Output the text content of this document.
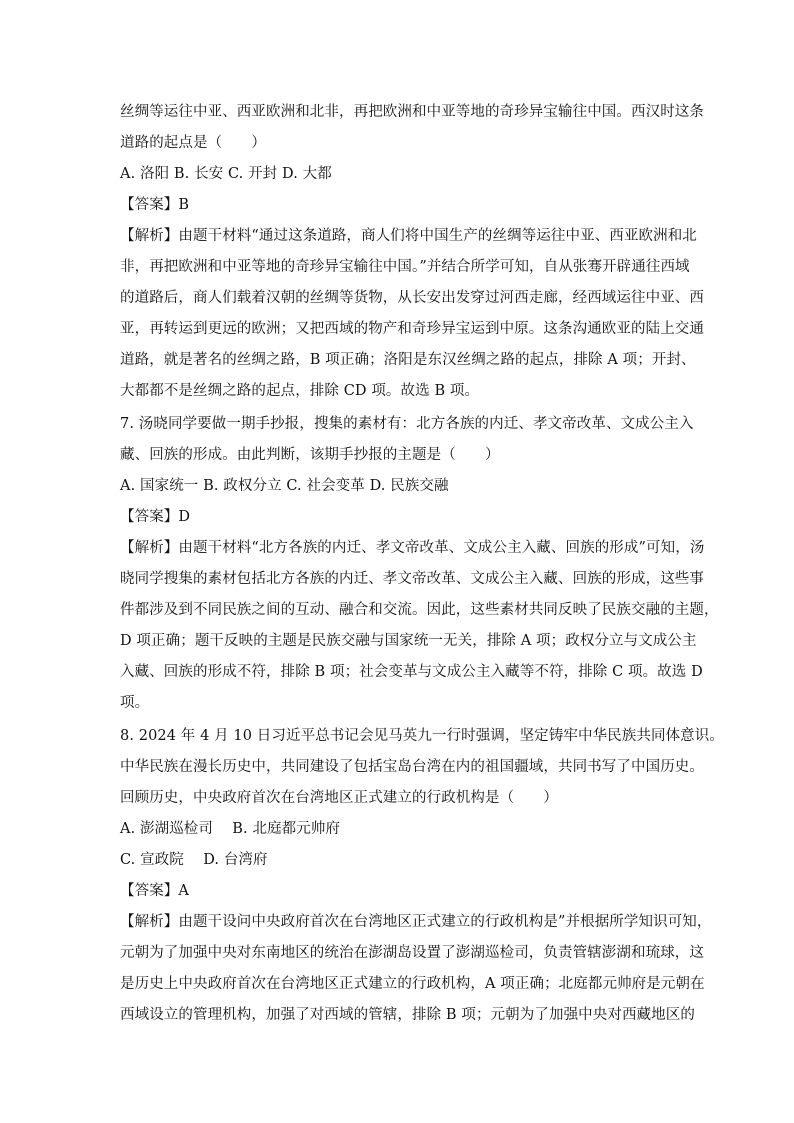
丝绸等运往中亚、西亚欧洲和北非，再把欧洲和中亚等地的奇珍异宝输往中国。西汉时这条
道路的起点是（　　）
A. 洛阳 B. 长安 C. 开封 D. 大都
【答案】B
【解析】由题干材料“通过这条道路，商人们将中国生产的丝绸等运往中亚、西亚欧洲和北
非，再把欧洲和中亚等地的奇珍异宝输往中国。”并结合所学可知，自从张骞开辟通往西域
的道路后，商人们载着汉朝的丝绸等货物，从长安出发穿过河西走廊，经西域运往中亚、西
亚，再转运到更远的欧洲；又把西域的物产和奇珍异宝运到中原。这条沟通欧亚的陆上交通
道路，就是著名的丝绸之路，B 项正确；洛阳是东汉丝绸之路的起点，排除 A 项；开封、
大都都不是丝绸之路的起点，排除 CD 项。故选 B 项。
7. 汤晓同学要做一期手抄报，搜集的素材有：北方各族的内迁、孝文帝改革、文成公主入
藏、回族的形成。由此判断，该期手抄报的主题是（　　）
A. 国家统一 B. 政权分立 C. 社会变革 D. 民族交融
【答案】D
【解析】由题干材料“北方各族的内迁、孝文帝改革、文成公主入藏、回族的形成”可知，汤
晓同学搜集的素材包括北方各族的内迁、孝文帝改革、文成公主入藏、回族的形成，这些事
件都涉及到不同民族之间的互动、融合和交流。因此，这些素材共同反映了民族交融的主题，
D 项正确；题干反映的主题是民族交融与国家统一无关，排除 A 项；政权分立与文成公主
入藏、回族的形成不符，排除 B 项；社会变革与文成公主入藏等不符，排除 C 项。故选 D
项。
8. 2024 年 4 月 10 日习近平总书记会见马英九一行时强调，坚定铸牢中华民族共同体意识。
中华民族在漫长历史中，共同建设了包括宝岛台湾在内的祖国疆域，共同书写了中国历史。
回顾历史，中央政府首次在台湾地区正式建立的行政机构是（　　）
A. 澎湖巡检司　 B. 北庭都元帅府
C. 宣政院　 D. 台湾府
【答案】A
【解析】由题干设问中央政府首次在台湾地区正式建立的行政机构是”并根据所学知识可知，
元朝为了加强中央对东南地区的统治在澎湖岛设置了澎湖巡检司，负责管辖澎湖和琉球，这
是历史上中央政府首次在台湾地区正式建立的行政机构，A 项正确；北庭都元帅府是元朝在
西域设立的管理机构，加强了对西域的管辖，排除 B 项；元朝为了加强中央对西藏地区的
